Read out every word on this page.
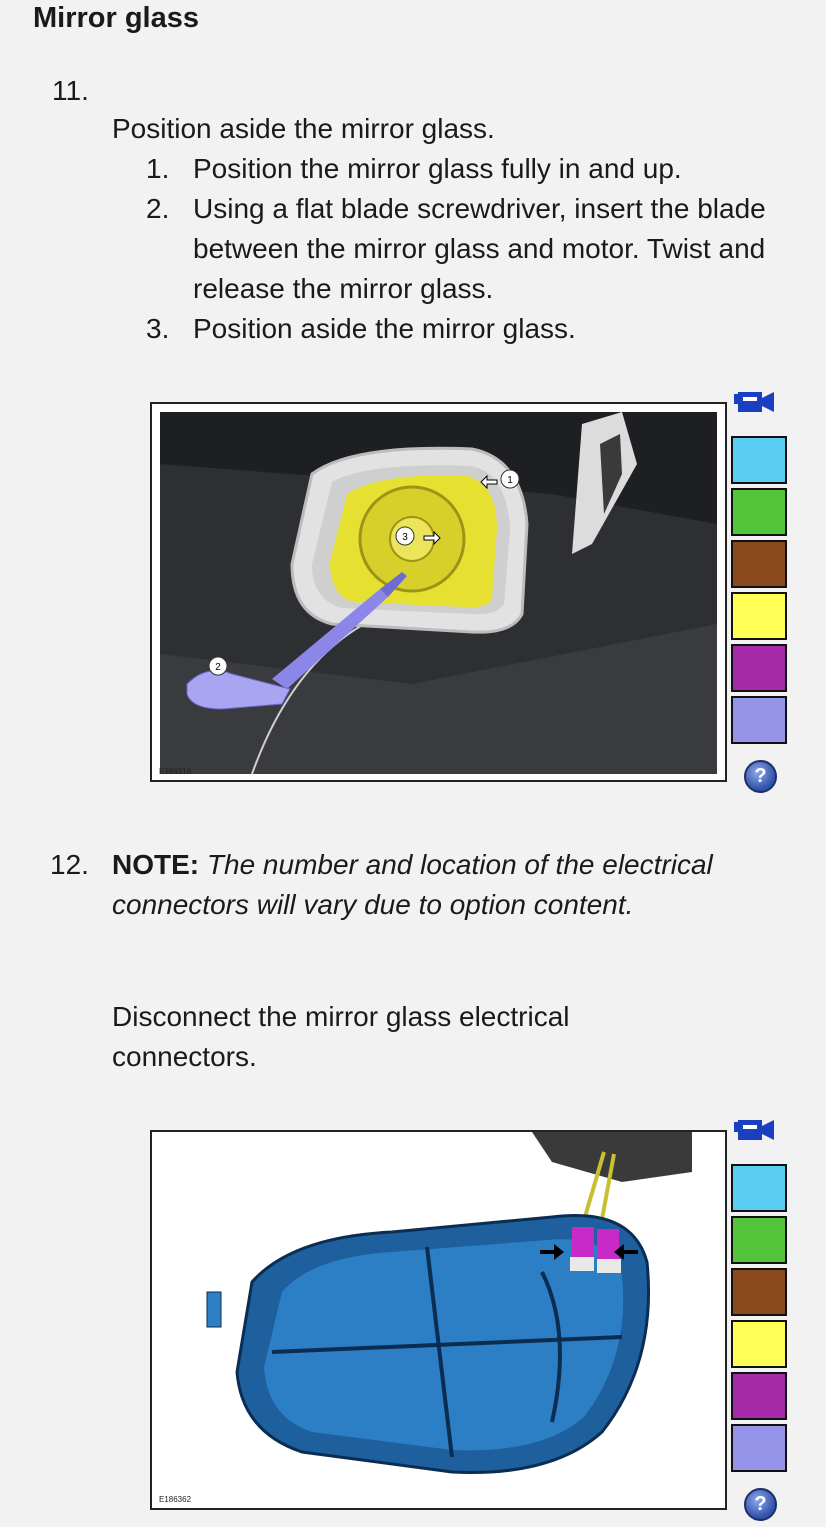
Mirror glass
11.
Position aside the mirror glass.
1. Position the mirror glass fully in and up.
2. Using a flat blade screwdriver, insert the blade between the mirror glass and motor. Twist and release the mirror glass.
3. Position aside the mirror glass.
1
3
2
E186316	?
12. NOTE: The number and location of the electrical connectors will vary due to option content.
Disconnect the mirror glass electrical connectors.
E186362	?
